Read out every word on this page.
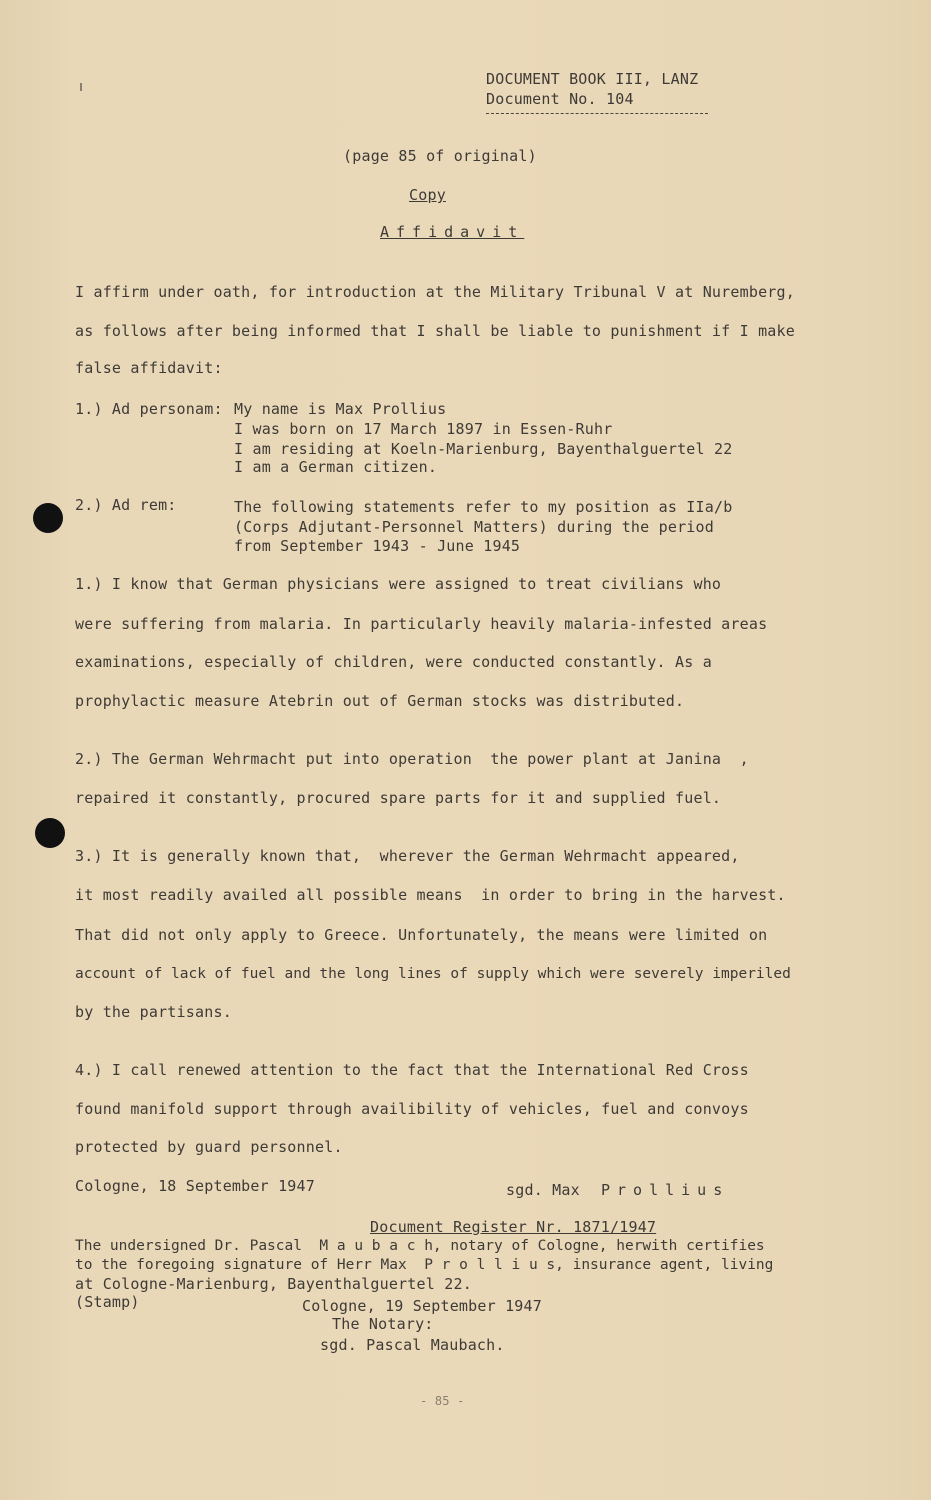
DOCUMENT BOOK III, LANZ
Document No. 104
(page 85 of original)
Copy
Affidavit
I affirm under oath, for introduction at the Military Tribunal V at Nuremberg,
as follows after being informed that I shall be liable to punishment if I make
false affidavit:
1.) Ad personam: My name is Max Prollius
I was born on 17 March 1897 in Essen-Ruhr
I am residing at Koeln-Marienburg, Bayenthalguertel 22
I am a German citizen.
2.) Ad rem:	The following statements refer to my position as IIa/b
(Corps Adjutant-Personnel Matters) during the period
from September 1943 - June 1945
1.) I know that German physicians were assigned to treat civilians who
were suffering from malaria. In particularly heavily malaria-infested areas
examinations, especially of children, were conducted constantly. As a
prophylactic measure Atebrin out of German stocks was distributed.
2.) The German Wehrmacht put into operation  the power plant at Janina  ,
repaired it constantly, procured spare parts for it and supplied fuel.
3.) It is generally known that,  wherever the German Wehrmacht appeared,
it most readily availed all possible means  in order to bring in the harvest.
That did not only apply to Greece. Unfortunately, the means were limited on
account of lack of fuel and the long lines of supply which were severely imperiled
by the partisans.
4.) I call renewed attention to the fact that the International Red Cross
found manifold support through availibility of vehicles, fuel and convoys
protected by guard personnel.
Cologne, 18 September 1947	sgd. Max Prollius
Document Register Nr. 1871/1947
The undersigned Dr. Pascal  M a u b a c h, notary of Cologne, herwith certifies
to the foregoing signature of Herr Max  P r o l l i u s, insurance agent, living
at Cologne-Marienburg, Bayenthalguertel 22.
(Stamp)	Cologne, 19 September 1947
The Notary:
sgd. Pascal Maubach.
- 85 -
